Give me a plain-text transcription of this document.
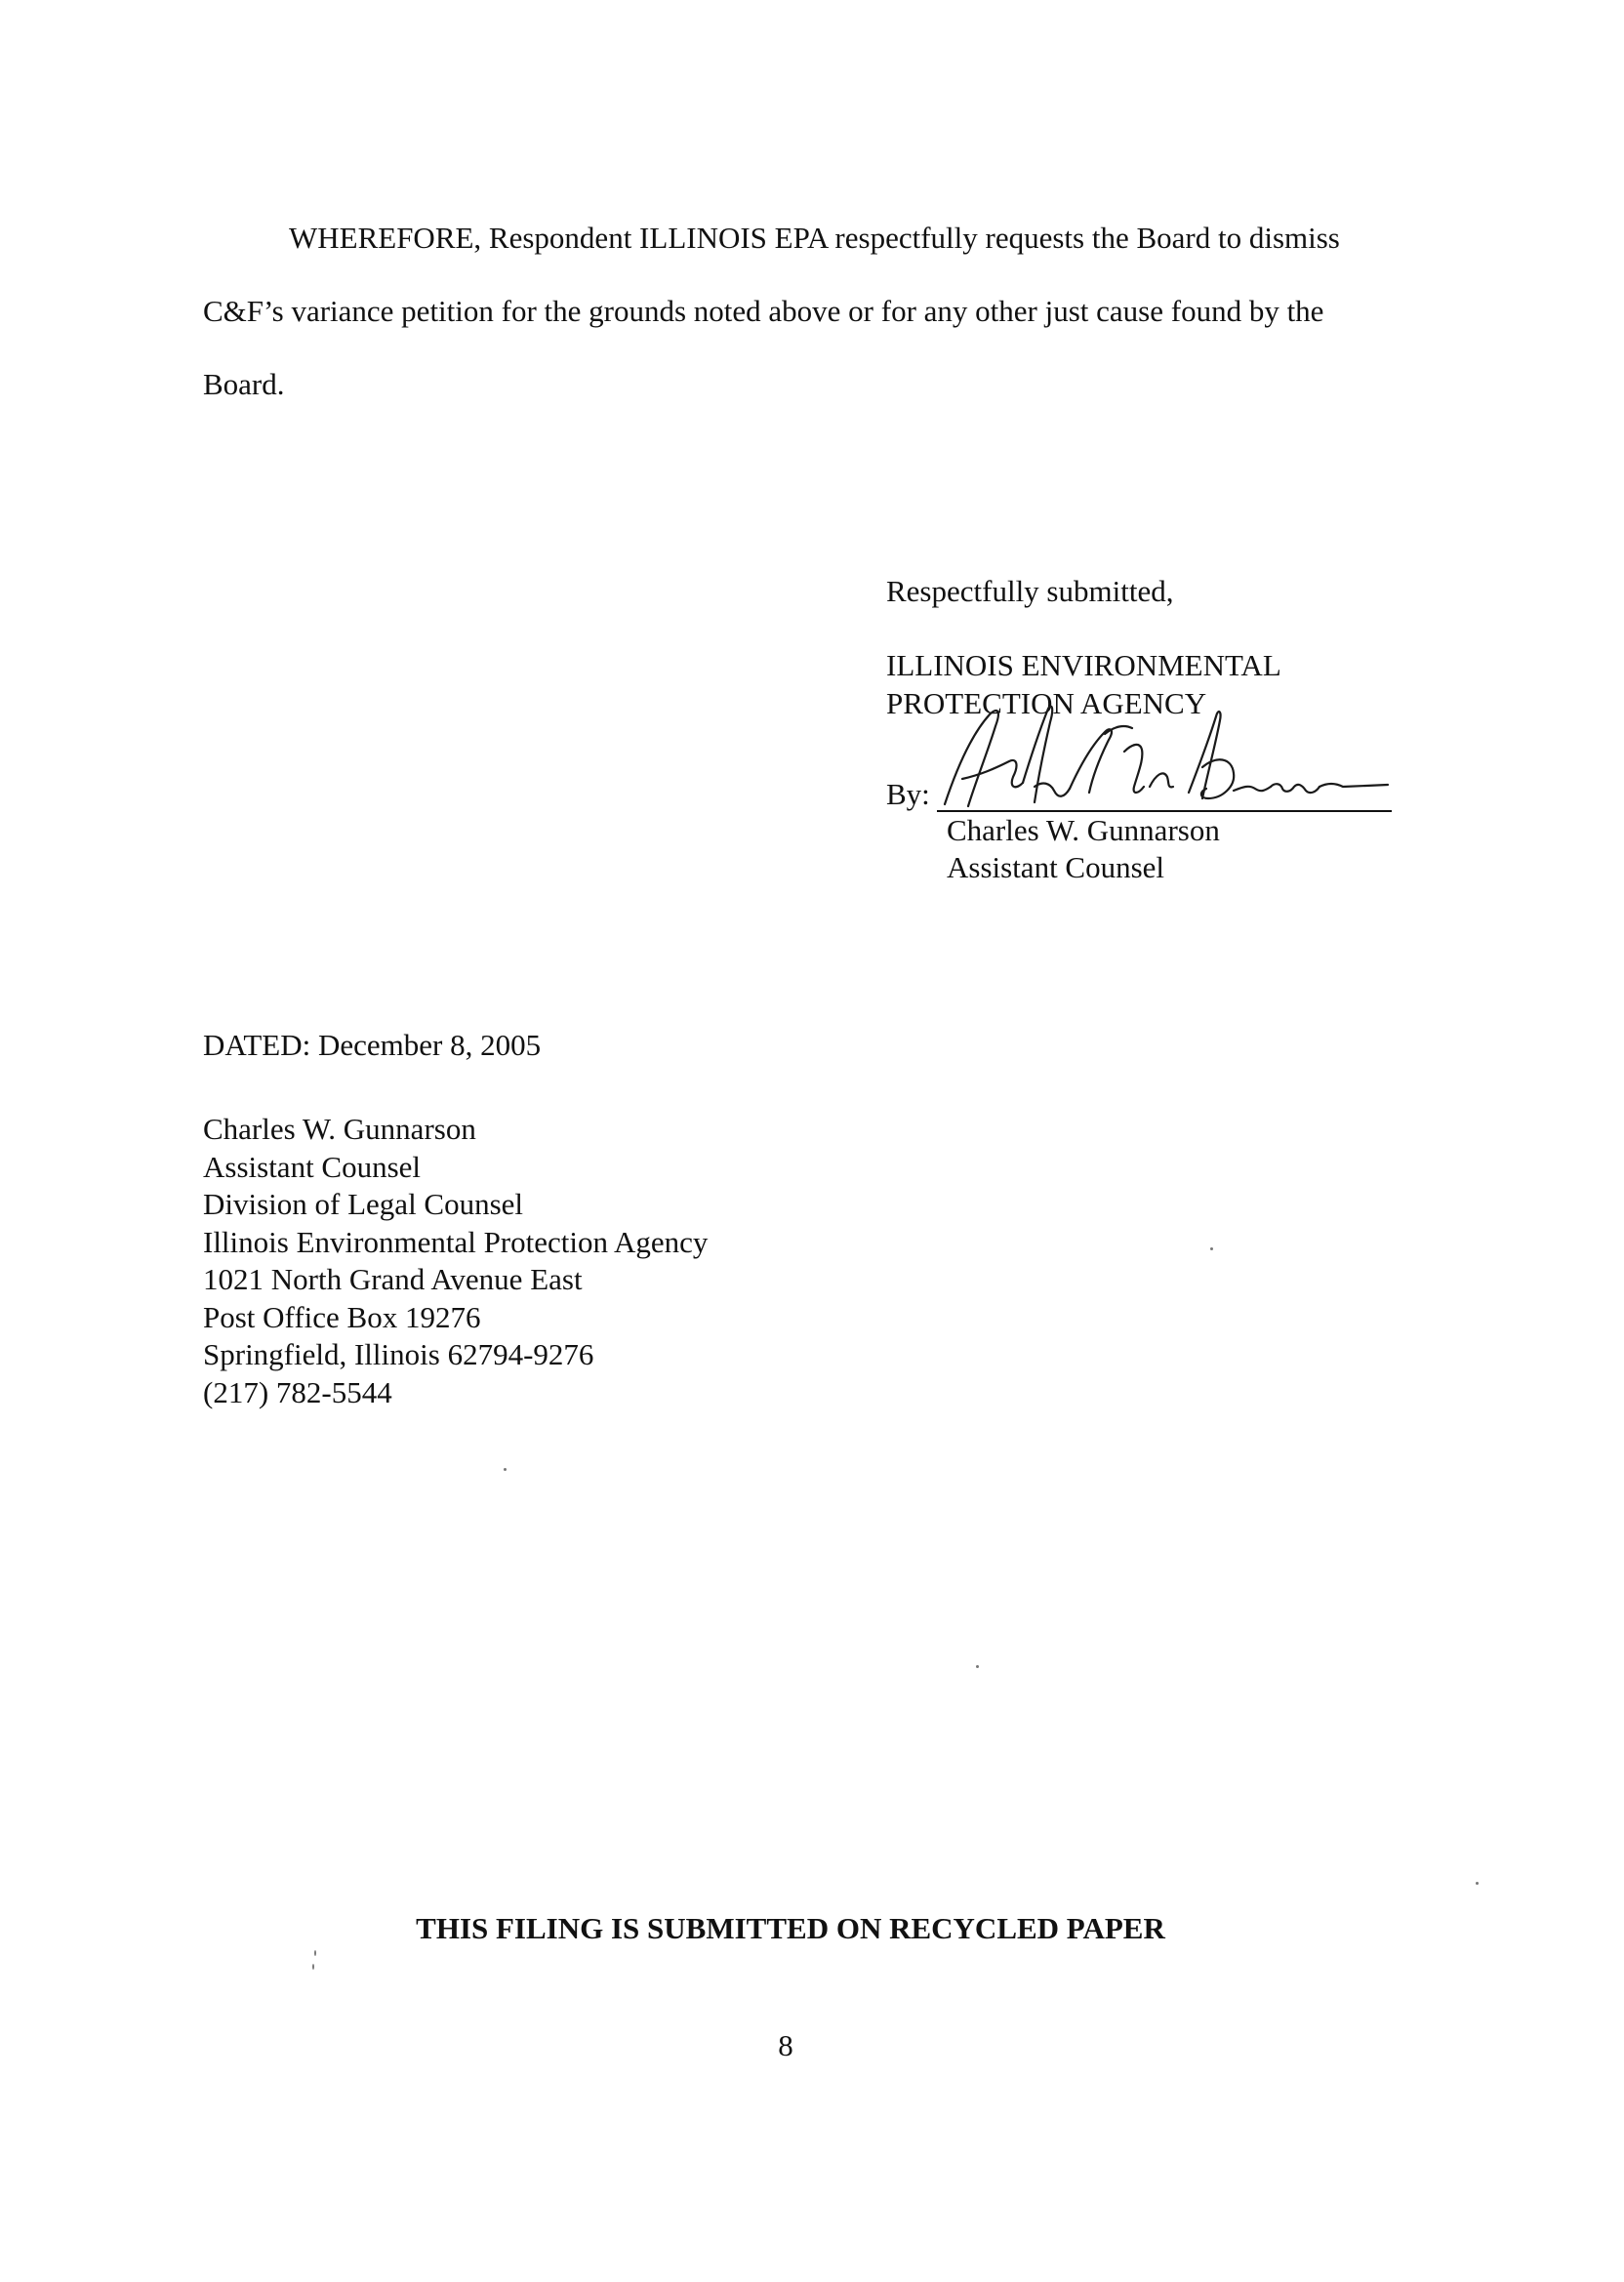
WHEREFORE, Respondent ILLINOIS EPA respectfully requests the Board to dismiss C&F’s variance petition for the grounds noted above or for any other just cause found by the Board.

Respectfully submitted,

ILLINOIS ENVIRONMENTAL

PROTECTION AGENCY

By:
Charles W. Gunnarson
Assistant Counsel

DATED: December 8, 2005

Charles W. Gunnarson
Assistant Counsel
Division of Legal Counsel
Illinois Environmental Protection Agency
1021 North Grand Avenue East
Post Office Box 19276
Springfield, Illinois 62794-9276
(217) 782-5544

THIS FILING IS SUBMITTED ON RECYCLED PAPER

8
